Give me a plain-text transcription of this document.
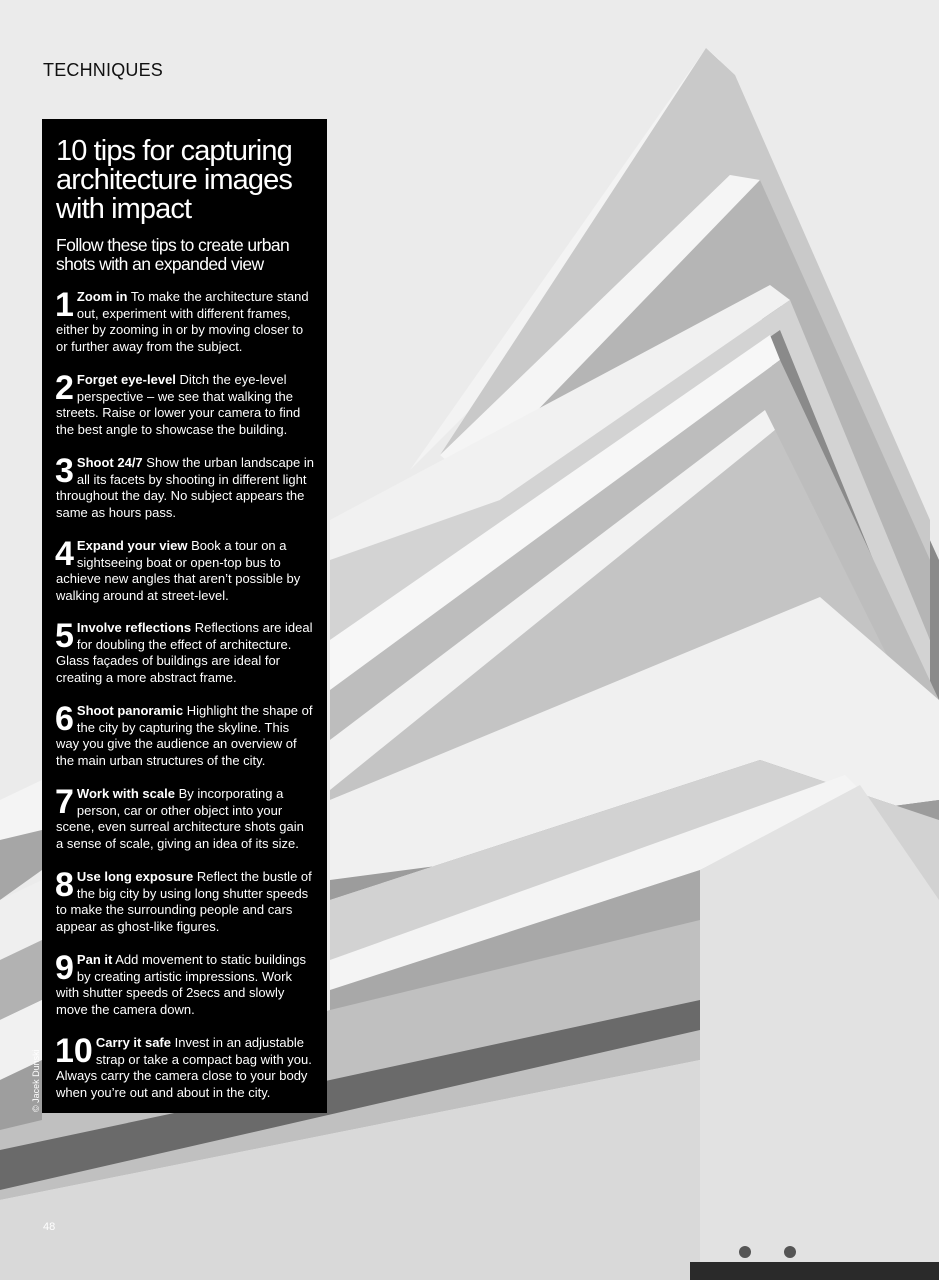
TECHNIQUES
10 tips for capturing architecture images with impact

Follow these tips to create urban shots with an expanded view

1 Zoom in To make the architecture stand out, experiment with different frames, either by zooming in or by moving closer to or further away from the subject.
2 Forget eye-level Ditch the eye-level perspective – we see that walking the streets. Raise or lower your camera to find the best angle to showcase the building.
3 Shoot 24/7 Show the urban landscape in all its facets by shooting in different light throughout the day. No subject appears the same as hours pass.
4 Expand your view Book a tour on a sightseeing boat or open-top bus to achieve new angles that aren’t possible by walking around at street-level.
5 Involve reflections Reflections are ideal for doubling the effect of architecture. Glass façades of buildings are ideal for creating a more abstract frame.
6 Shoot panoramic Highlight the shape of the city by capturing the skyline. This way you give the audience an overview of the main urban structures of the city.
7 Work with scale By incorporating a person, car or other object into your scene, even surreal architecture shots gain a sense of scale, giving an idea of its size.
8 Use long exposure Reflect the bustle of the big city by using long shutter speeds to make the surrounding people and cars appear as ghost-like figures.
9 Pan it Add movement to static buildings by creating artistic impressions. Work with shutter speeds of 2secs and slowly move the camera down.
10 Carry it safe Invest in an adjustable strap or take a compact bag with you. Always carry the camera close to your body when you’re out and about in the city.
© Jacek Dunski
48
